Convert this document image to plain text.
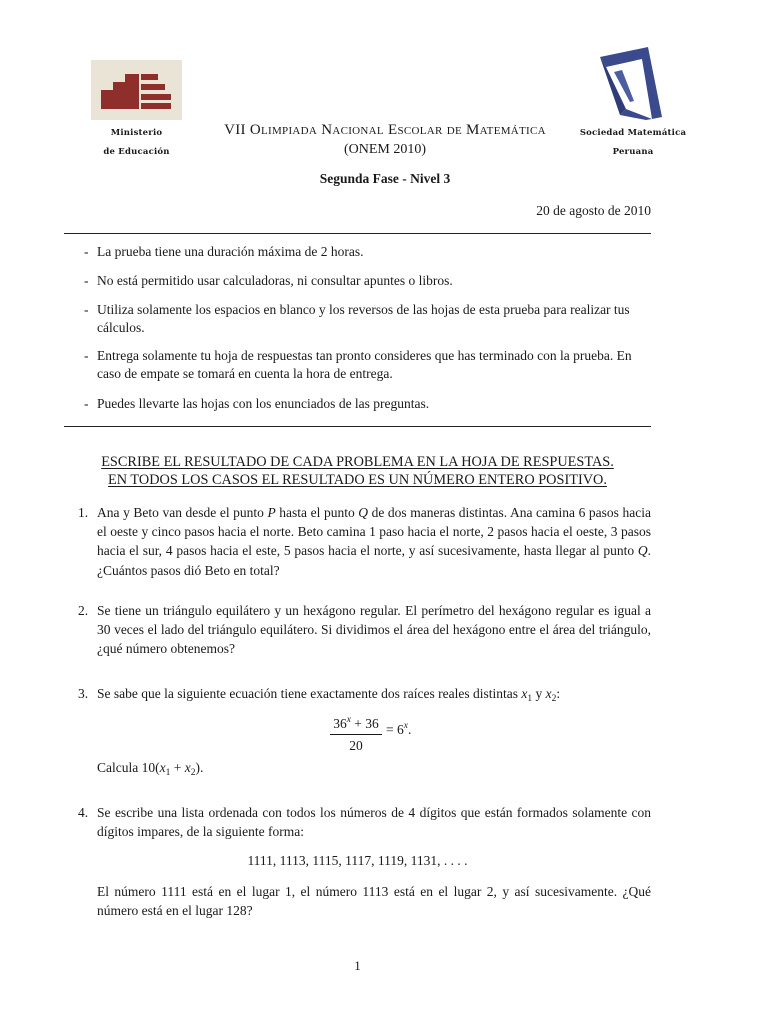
Ministerio
de Educación
Sociedad Matemática
Peruana
VII Olimpiada Nacional Escolar de Matemática
(ONEM 2010)
Segunda Fase - Nivel 3
20 de agosto de 2010
- La prueba tiene una duración máxima de 2 horas.
- No está permitido usar calculadoras, ni consultar apuntes o libros.
- Utiliza solamente los espacios en blanco y los reversos de las hojas de esta prueba para realizar tus cálculos.
- Entrega solamente tu hoja de respuestas tan pronto consideres que has terminado con la prueba. En caso de empate se tomará en cuenta la hora de entrega.
- Puedes llevarte las hojas con los enunciados de las preguntas.
ESCRIBE EL RESULTADO DE CADA PROBLEMA EN LA HOJA DE RESPUESTAS.
EN TODOS LOS CASOS EL RESULTADO ES UN NÚMERO ENTERO POSITIVO.
1. Ana y Beto van desde el punto P hasta el punto Q de dos maneras distintas. Ana camina 6 pasos hacia el oeste y cinco pasos hacia el norte. Beto camina 1 paso hacia el norte, 2 pasos hacia el oeste, 3 pasos hacia el sur, 4 pasos hacia el este, 5 pasos hacia el norte, y así sucesivamente, hasta llegar al punto Q. ¿Cuántos pasos dió Beto en total?
2. Se tiene un triángulo equilátero y un hexágono regular. El perímetro del hexágono regular es igual a 30 veces el lado del triángulo equilátero. Si dividimos el área del hexágono entre el área del triángulo, ¿qué número obtenemos?
3. Se sabe que la siguiente ecuación tiene exactamente dos raíces reales distintas $x_1$ y $x_2$:
$36^x + 36$
20
= $6^x$.
Calcula $10(x_1 + x_2)$.
4. Se escribe una lista ordenada con todos los números de 4 dígitos que están formados solamente con dígitos impares, de la siguiente forma:
1111, 1113, 1115, 1117, 1119, 1131, . . . .
El número 1111 está en el lugar 1, el número 1113 está en el lugar 2, y así sucesivamente. ¿Qué número está en el lugar 128?
1
